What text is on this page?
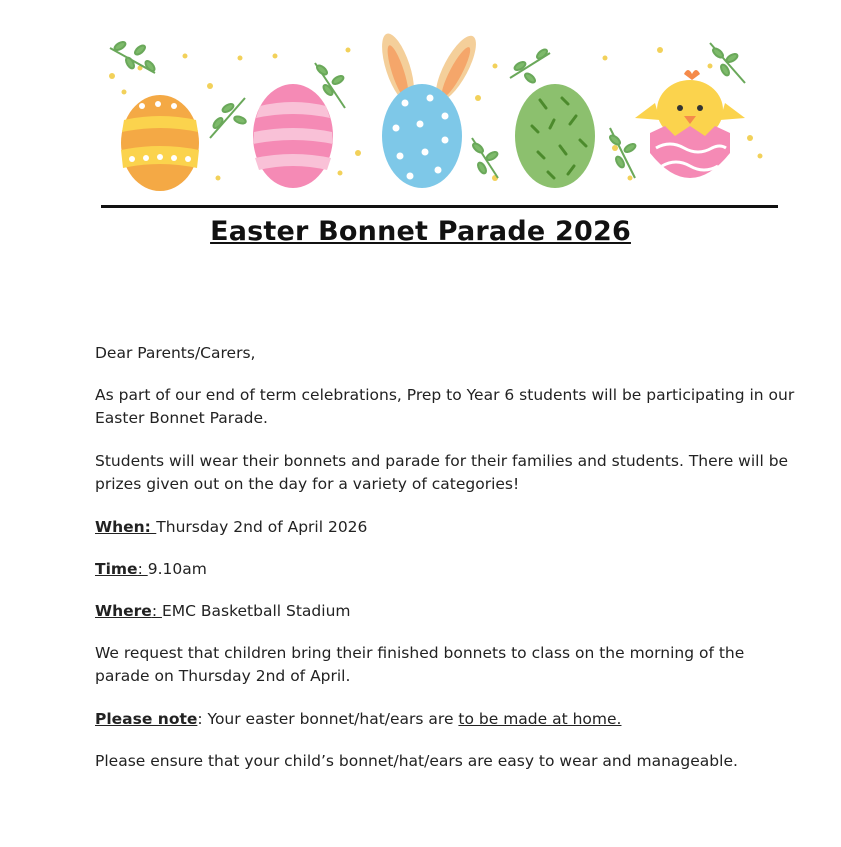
Easter Bonnet Parade 2026

Dear Parents/Carers,

As part of our end of term celebrations, Prep to Year 6 students will be participating in our Easter Bonnet Parade.

Students will wear their bonnets and parade for their families and students. There will be prizes given out on the day for a variety of categories!

When: Thursday 2nd of April 2026

Time: 9.10am

Where: EMC Basketball Stadium

We request that children bring their finished bonnets to class on the morning of the parade on Thursday 2nd of April.

Please note: Your easter bonnet/hat/ears are to be made at home.

Please ensure that your child’s bonnet/hat/ears are easy to wear and manageable.
